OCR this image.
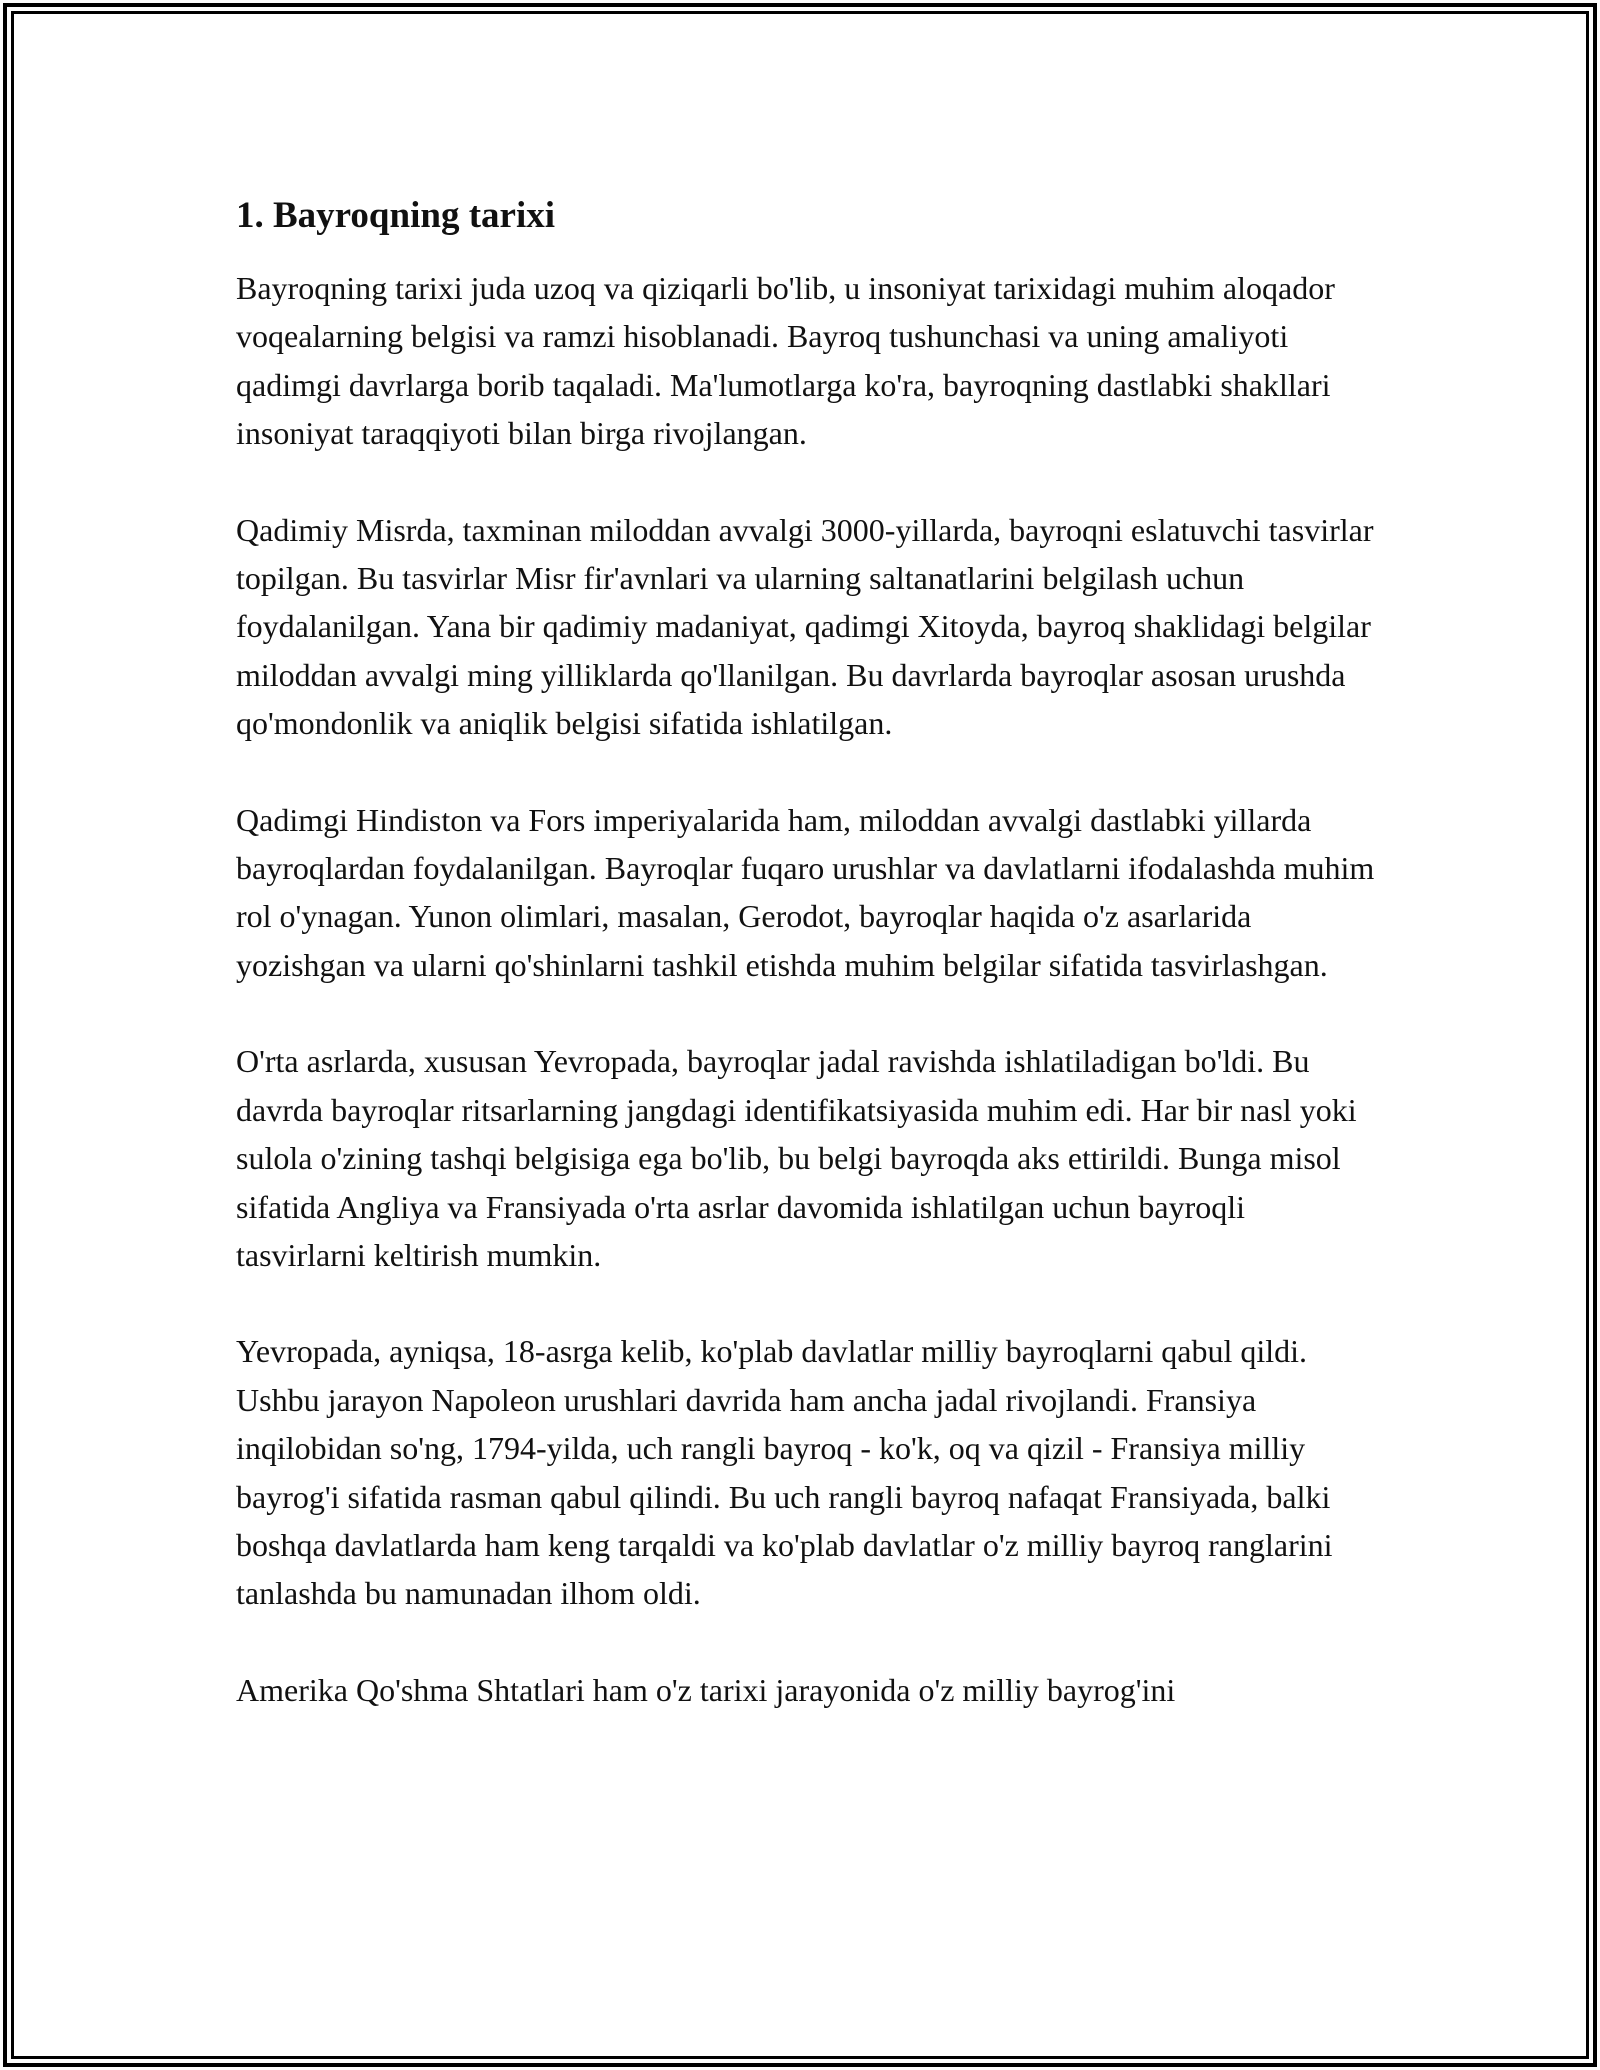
1. Bayroqning tarixi

Bayroqning tarixi juda uzoq va qiziqarli bo'lib, u insoniyat tarixidagi muhim aloqador voqealarning belgisi va ramzi hisoblanadi. Bayroq tushunchasi va uning amaliyoti qadimgi davrlarga borib taqaladi. Ma'lumotlarga ko'ra, bayroqning dastlabki shakllari insoniyat taraqqiyoti bilan birga rivojlangan.

Qadimiy Misrda, taxminan miloddan avvalgi 3000-yillarda, bayroqni eslatuvchi tasvirlar topilgan. Bu tasvirlar Misr fir'avnlari va ularning saltanatlarini belgilash uchun foydalanilgan. Yana bir qadimiy madaniyat, qadimgi Xitoyda, bayroq shaklidagi belgilar miloddan avvalgi ming yilliklarda qo'llanilgan. Bu davrlarda bayroqlar asosan urushda qo'mondonlik va aniqlik belgisi sifatida ishlatilgan.

Qadimgi Hindiston va Fors imperiyalarida ham, miloddan avvalgi dastlabki yillarda bayroqlardan foydalanilgan. Bayroqlar fuqaro urushlar va davlatlarni ifodalashda muhim rol o'ynagan. Yunon olimlari, masalan, Gerodot, bayroqlar haqida o'z asarlarida yozishgan va ularni qo'shinlarni tashkil etishda muhim belgilar sifatida tasvirlashgan.

O'rta asrlarda, xususan Yevropada, bayroqlar jadal ravishda ishlatiladigan bo'ldi. Bu davrda bayroqlar ritsarlarning jangdagi identifikatsiyasida muhim edi. Har bir nasl yoki sulola o'zining tashqi belgisiga ega bo'lib, bu belgi bayroqda aks ettirildi. Bunga misol sifatida Angliya va Fransiyada o'rta asrlar davomida ishlatilgan uchun bayroqli tasvirlarni keltirish mumkin.

Yevropada, ayniqsa, 18-asrga kelib, ko'plab davlatlar milliy bayroqlarni qabul qildi. Ushbu jarayon Napoleon urushlari davrida ham ancha jadal rivojlandi. Fransiya inqilobidan so'ng, 1794-yilda, uch rangli bayroq - ko'k, oq va qizil - Fransiya milliy bayrog'i sifatida rasman qabul qilindi. Bu uch rangli bayroq nafaqat Fransiyada, balki boshqa davlatlarda ham keng tarqaldi va ko'plab davlatlar o'z milliy bayroq ranglarini tanlashda bu namunadan ilhom oldi.

Amerika Qo'shma Shtatlari ham o'z tarixi jarayonida o'z milliy bayrog'ini
